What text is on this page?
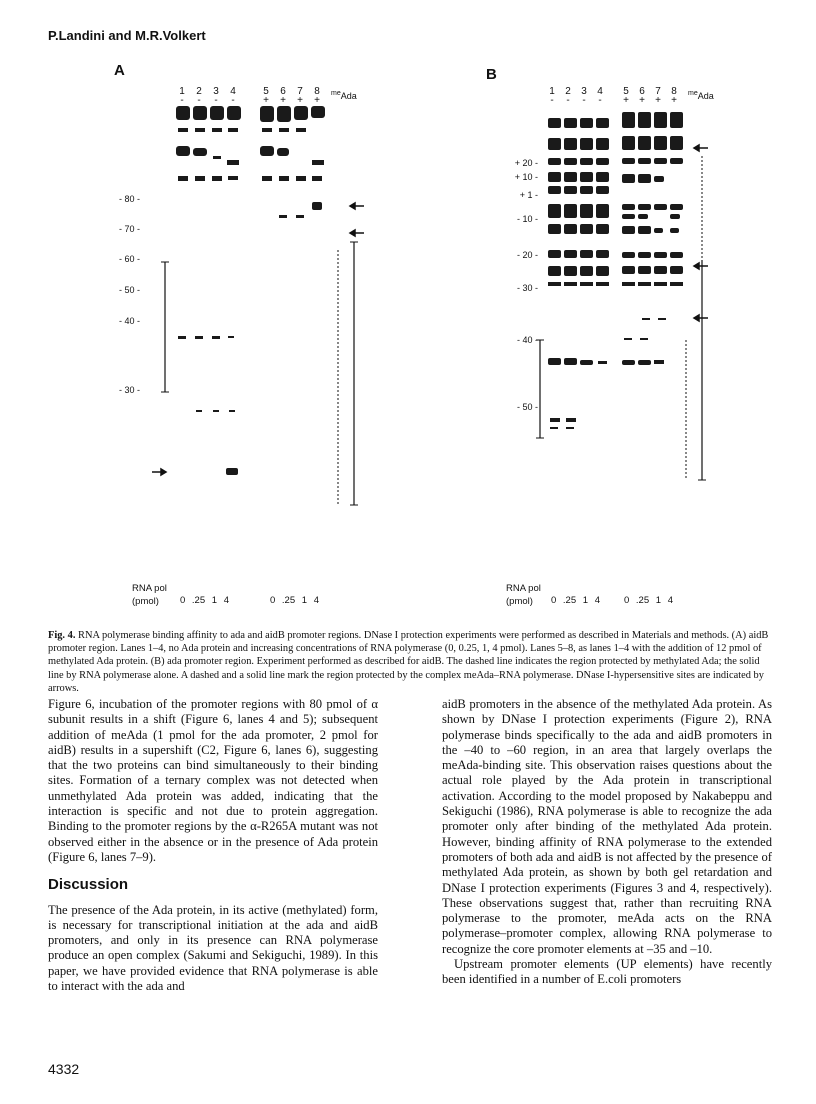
P.Landini and M.R.Volkert
A
1	2	3	4	5	6	7	8
-	-	-	-	+	+	+	+
$^{me}$Ada
- 80 -
- 70 -
- 60 -
- 50 -
- 40 -
- 30 -
RNA pol
(pmol)	0 .25 1 4	0 .25 1 4
B
1	2	3	4	5	6	7	8
-	-	-	-	+	+	+	+
$^{me}$Ada
+ 20 -
+ 10 -
+ 1 -
- 10 -
- 20 -
- 30 -
- 40 -
- 50 -
RNA pol
(pmol)	0 .25 1 4	0 .25 1 4
Fig. 4. RNA polymerase binding affinity to ada and aidB promoter regions. DNase I protection experiments were performed as described in Materials and methods. (A) aidB promoter region. Lanes 1–4, no Ada protein and increasing concentrations of RNA polymerase (0, 0.25, 1, 4 pmol). Lanes 5–8, as lanes 1–4 with the addition of 12 pmol of methylated Ada protein. (B) ada promoter region. Experiment performed as described for aidB. The dashed line indicates the region protected by methylated Ada; the solid line by RNA polymerase alone. A dashed and a solid line mark the region protected by the complex meAda–RNA polymerase. DNase I-hypersensitive sites are indicated by arrows.

Figure 6, incubation of the promoter regions with 80 pmol of α subunit results in a shift (Figure 6, lanes 4 and 5); subsequent addition of meAda (1 pmol for the ada promoter, 2 pmol for aidB) results in a supershift (C2, Figure 6, lanes 6), suggesting that the two proteins can bind simultaneously to their binding sites. Formation of a ternary complex was not detected when unmethylated Ada protein was added, indicating that the interaction is specific and not due to protein aggregation. Binding to the promoter regions by the α-R265A mutant was not observed either in the absence or in the presence of Ada protein (Figure 6, lanes 7–9).

Discussion

The presence of the Ada protein, in its active (methylated) form, is necessary for transcriptional initiation at the ada and aidB promoters, and only in its presence can RNA polymerase produce an open complex (Sakumi and Sekiguchi, 1989). In this paper, we have provided evidence that RNA polymerase is able to interact with the ada and

aidB promoters in the absence of the methylated Ada protein. As shown by DNase I protection experiments (Figure 2), RNA polymerase binds specifically to the ada and aidB promoters in the –40 to –60 region, in an area that largely overlaps the meAda-binding site. This observation raises questions about the actual role played by the Ada protein in transcriptional activation. According to the model proposed by Nakabeppu and Sekiguchi (1986), RNA polymerase is able to recognize the ada promoter only after binding of the methylated Ada protein. However, binding affinity of RNA polymerase to the extended promoters of both ada and aidB is not affected by the presence of methylated Ada protein, as shown by both gel retardation and DNase I protection experiments (Figures 3 and 4, respectively). These observations suggest that, rather than recruiting RNA polymerase to the promoter, meAda acts on the RNA polymerase–promoter complex, allowing RNA polymerase to recognize the core promoter elements at –35 and –10.

Upstream promoter elements (UP elements) have recently been identified in a number of E.coli promoters

4332
